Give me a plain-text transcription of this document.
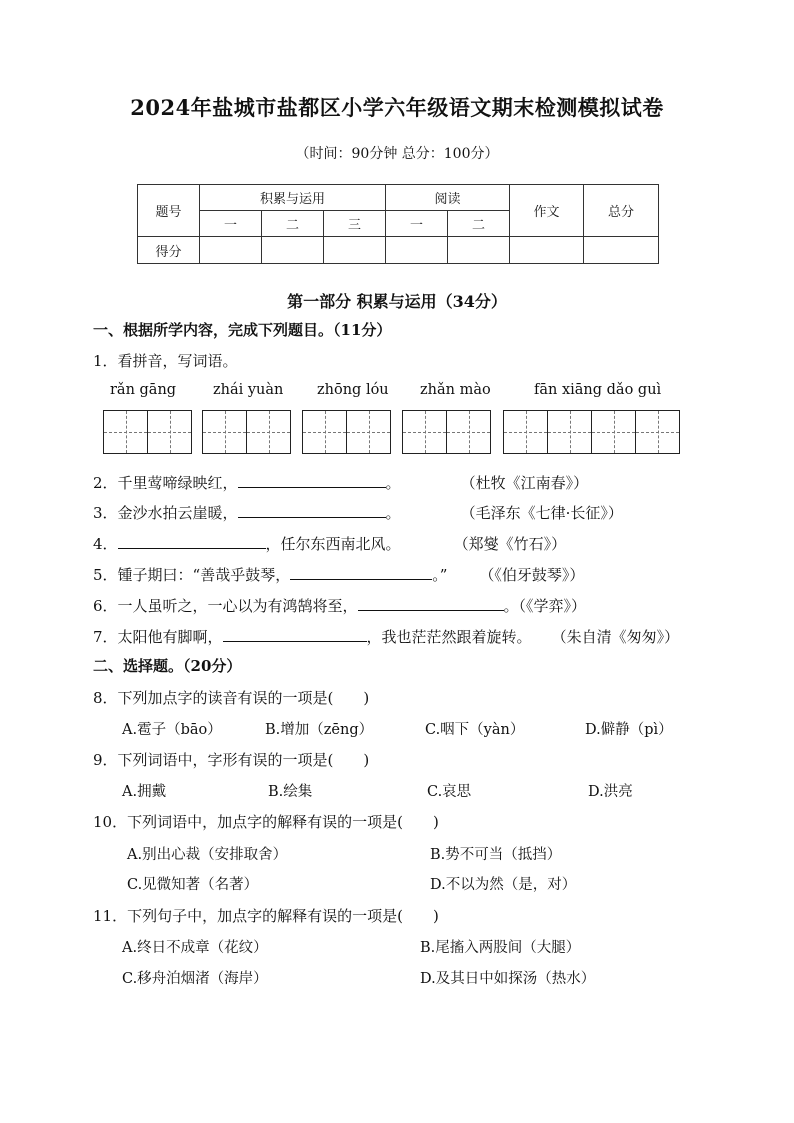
2024年盐城市盐都区小学六年级语文期末检测模拟试卷
（时间：90分钟 总分：100分）
题号	积累与运用			阅读		作文	总分
	一	二	三	一	二		
得分							
第一部分 积累与运用（34分）
一、根据所学内容，完成下列题目。（11分）
1．看拼音，写词语。
rǎn gāng	zhái yuàn zhōng lóu zhǎn mào	fān xiāng dǎo guì
2．千里莺啼绿映红，	。	（杜牧《江南春》）
3．金沙水拍云崖暖，	。	（毛泽东《七律·长征》）
4．	，任尔东西南北风。	（郑燮《竹石》）
5．锺子期曰：“善哉乎鼓琴，	。” （《伯牙鼓琴》）
6．一人虽听之，一心以为有鸿鹄将至，	。（《学弈》）
7．太阳他有脚啊，	，我也茫茫然跟着旋转。 （朱自清《匆匆》）
二、选择题。（20分）
8．下列加点字的读音有误的一项是(　　)
A.雹子（bāo）	B.增加（zēng）	C.咽下（yàn）	D.僻静（pì）
9．下列词语中，字形有误的一项是(　　)
A.拥戴	B.绘集	C.哀思	D.洪亮
10．下列词语中，加点字的解释有误的一项是(　　)
A.别出心裁（安排取舍）	B.势不可当（抵挡）
C.见微知著（名著）	D.不以为然（是，对）
11．下列句子中，加点字的解释有误的一项是(　　)
A.终日不成章（花纹）	B.尾搐入两股间（大腿）
C.移舟泊烟渚（海岸）	D.及其日中如探汤（热水）
